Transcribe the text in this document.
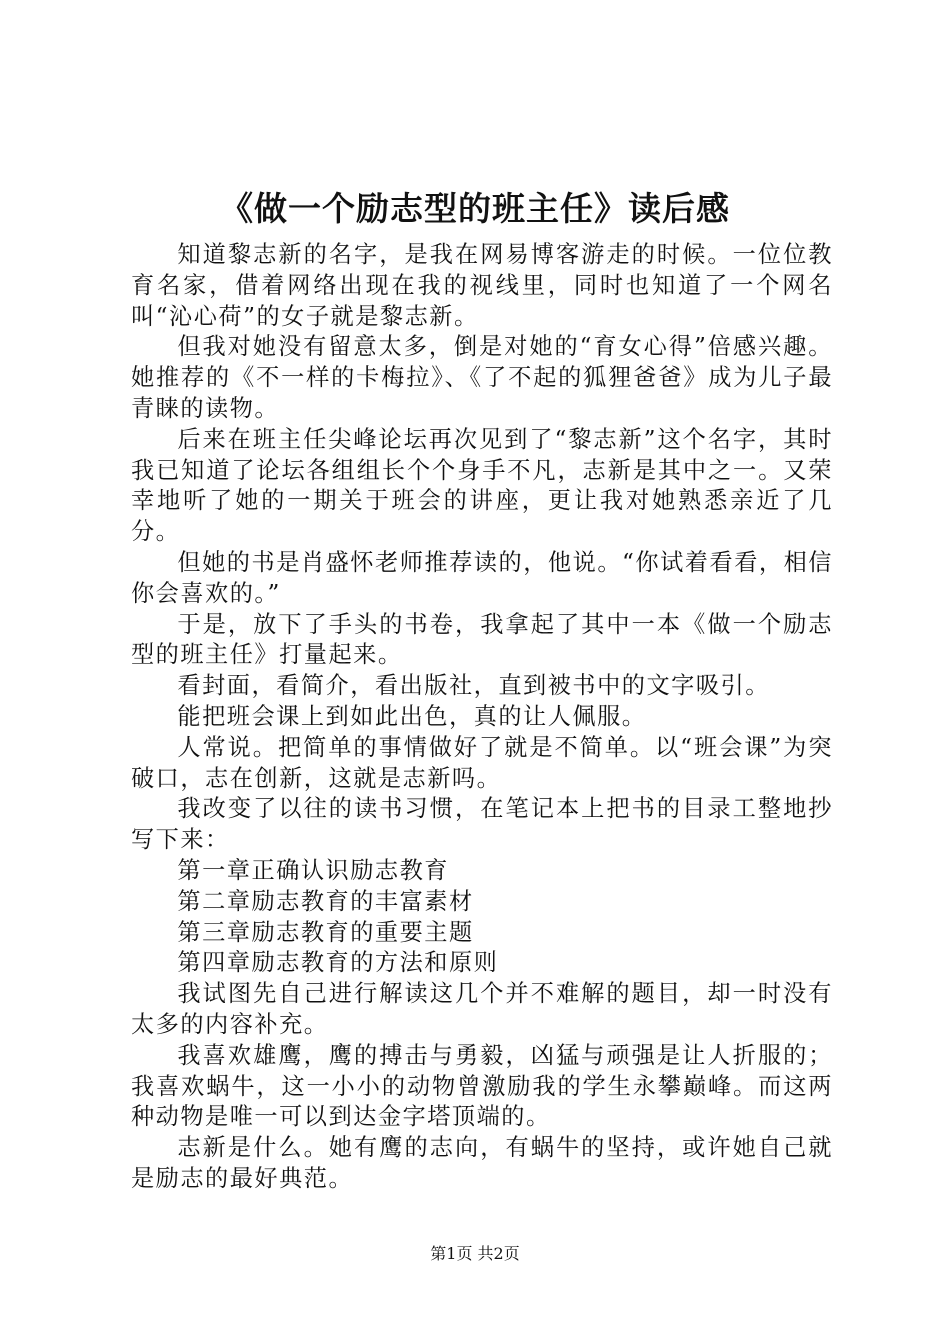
《做一个励志型的班主任》读后感

知道黎志新的名字，是我在网易博客游走的时候。一位位教育名家，借着网络出现在我的视线里，同时也知道了一个网名叫“沁心荷”的女子就是黎志新。

但我对她没有留意太多，倒是对她的“育女心得”倍感兴趣。她推荐的《不一样的卡梅拉》、《了不起的狐狸爸爸》成为儿子最青睐的读物。

后来在班主任尖峰论坛再次见到了“黎志新”这个名字，其时我已知道了论坛各组组长个个身手不凡，志新是其中之一。又荣幸地听了她的一期关于班会的讲座，更让我对她熟悉亲近了几分。

但她的书是肖盛怀老师推荐读的，他说。“你试着看看，相信你会喜欢的。”

于是，放下了手头的书卷，我拿起了其中一本《做一个励志型的班主任》打量起来。

看封面，看简介，看出版社，直到被书中的文字吸引。

能把班会课上到如此出色，真的让人佩服。

人常说。把简单的事情做好了就是不简单。以“班会课”为突破口，志在创新，这就是志新吗。

我改变了以往的读书习惯，在笔记本上把书的目录工整地抄写下来：

第一章正确认识励志教育

第二章励志教育的丰富素材

第三章励志教育的重要主题

第四章励志教育的方法和原则

我试图先自己进行解读这几个并不难解的题目，却一时没有太多的内容补充。

我喜欢雄鹰，鹰的搏击与勇毅，凶猛与顽强是让人折服的；我喜欢蜗牛，这一小小的动物曾激励我的学生永攀巅峰。而这两种动物是唯一可以到达金字塔顶端的。

志新是什么。她有鹰的志向，有蜗牛的坚持，或许她自己就是励志的最好典范。

第1页 共2页
